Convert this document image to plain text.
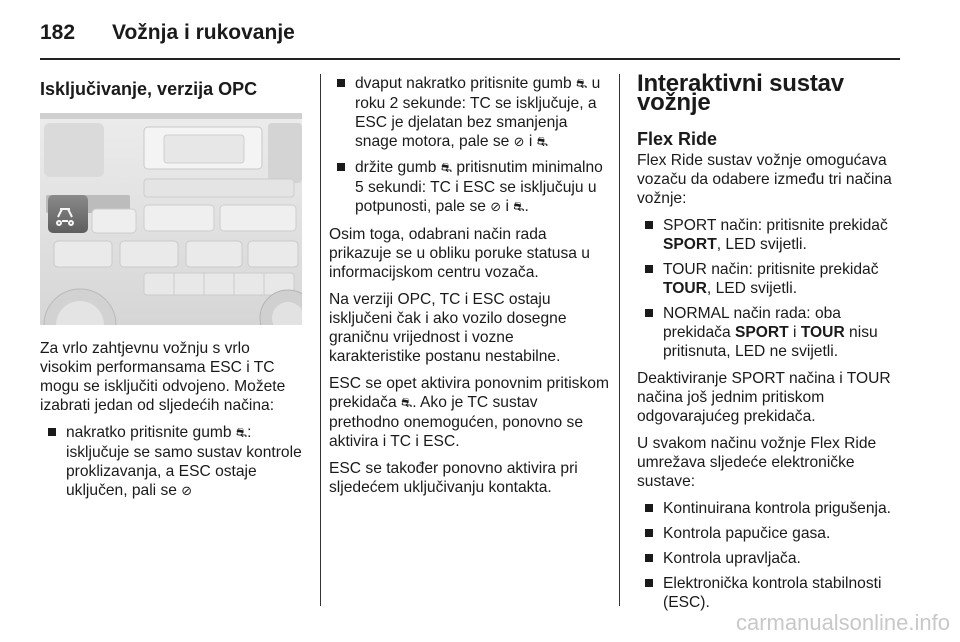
182	Vožnja i rukovanje
Isključivanje, verzija OPC

Za vrlo zahtjevnu vožnju s vrlo visokim performansama ESC i TC mogu se isključiti odvojeno. Možete izabrati jedan od sljedećih načina:

nakratko pritisnite gumb ⛐: isključuje se samo sustav kontrole proklizavanja, a ESC ostaje uključen, pali se ⊘
dvaput nakratko pritisnite gumb ⛐ u roku 2 sekunde: TC se isključuje, a ESC je djelatan bez smanjenja snage motora, pale se ⊘ i ⛐
držite gumb ⛐ pritisnutim minimalno 5 sekundi: TC i ESC se isključuju u potpunosti, pale se ⊘ i ⛐.

Osim toga, odabrani način rada prikazuje se u obliku poruke statusa u informacijskom centru vozača.

Na verziji OPC, TC i ESC ostaju isključeni čak i ako vozilo dosegne graničnu vrijednost i vozne karakteristike postanu nestabilne.

ESC se opet aktivira ponovnim pritiskom prekidača ⛐. Ako je TC sustav prethodno onemogućen, ponovno se aktivira i TC i ESC.

ESC se također ponovno aktivira pri sljedećem uključivanju kontakta.

Interaktivni sustav vožnje
Flex Ride

Flex Ride sustav vožnje omogućava vozaču da odabere između tri načina vožnje:

SPORT način: pritisnite prekidač SPORT, LED svijetli.
TOUR način: pritisnite prekidač TOUR, LED svijetli.
NORMAL način rada: oba prekidača SPORT i TOUR nisu pritisnuta, LED ne svijetli.

Deaktiviranje SPORT načina i TOUR načina još jednim pritiskom odgovarajućeg prekidača.

U svakom načinu vožnje Flex Ride umrežava sljedeće elektroničke sustave:

Kontinuirana kontrola prigušenja.
Kontrola papučice gasa.
Kontrola upravljača.
Elektronička kontrola stabilnosti (ESC).
carmanualsonline.info
